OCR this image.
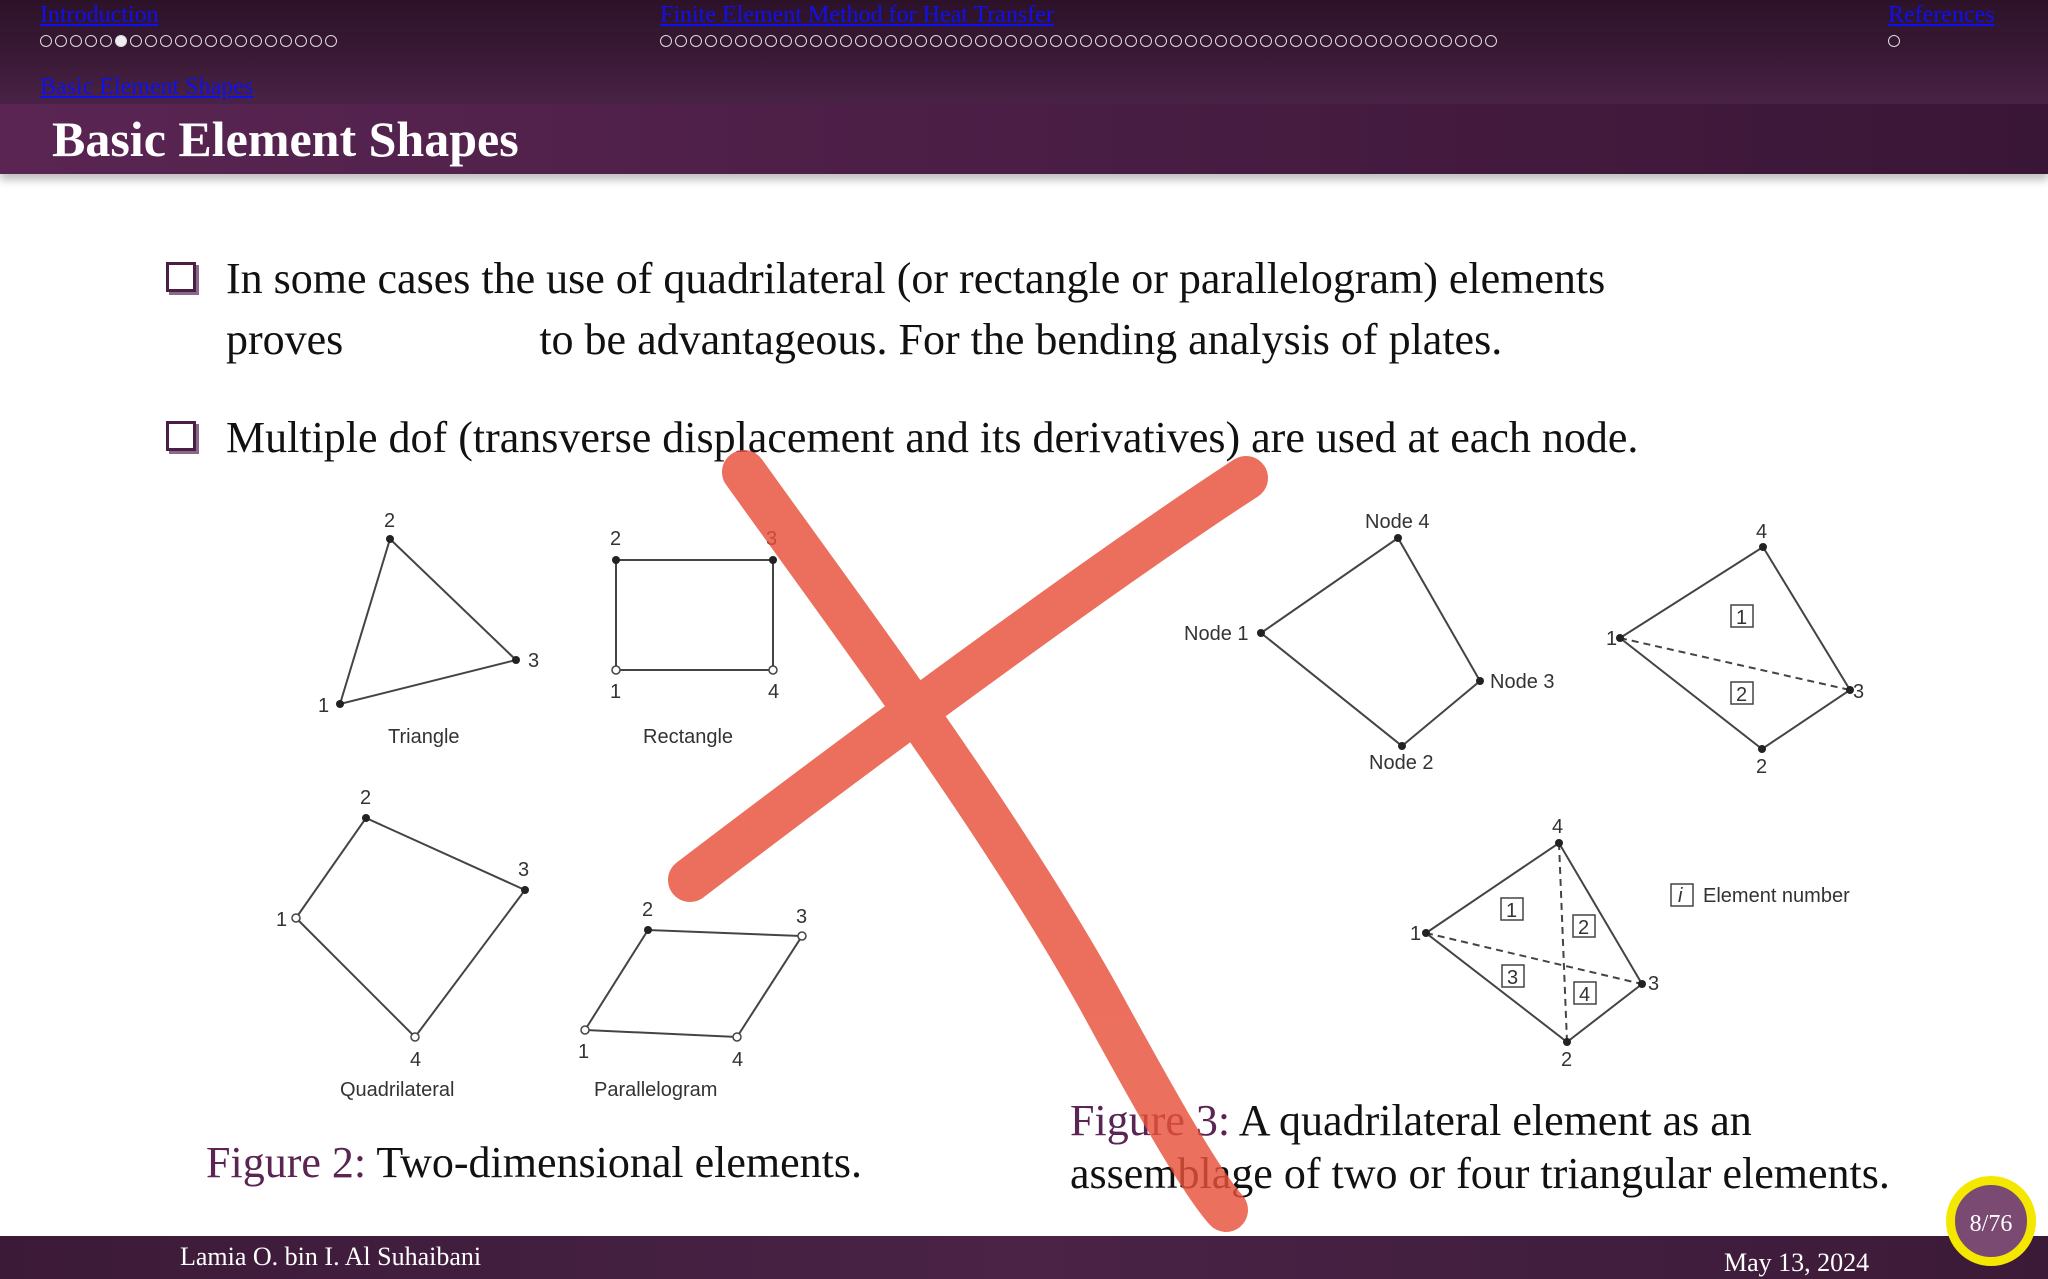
Introduction	Finite Element Method for Heat Transfer	References
Basic Element Shapes
Basic Element Shapes
In some cases the use of quadrilateral (or rectangle or parallelogram) elements
proves	to be advantageous. For the bending analysis of plates.
Multiple dof (transverse displacement and its derivatives) are used at each node.
1
2
3
2	3
1	4
1
2
3
4	1
2	3
4
Triangle	Rectangle
Quadrilateral	Parallelogram
Node 1
Node 4
Node 3
Node 2
1
4
3
2
1
4
3
2
1
2
1
2
3
4
i Element number
Figure 2: Two-dimensional elements.
Figure 3: A quadrilateral element as an
assemblage of two or four triangular elements.
Lamia O. bin I. Al Suhaibani	May 13, 2024
8/76
